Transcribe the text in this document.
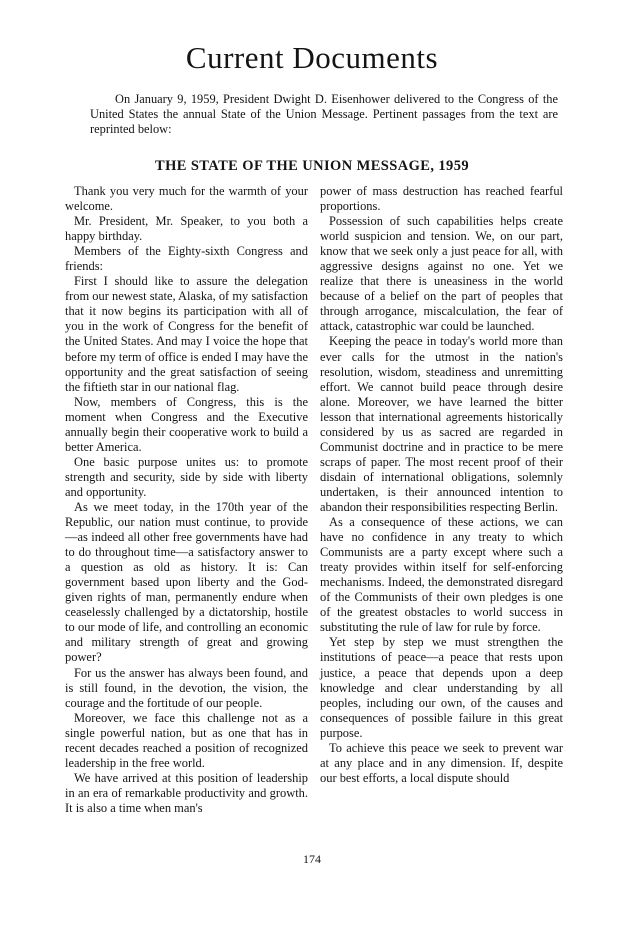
Current Documents

On January 9, 1959, President Dwight D. Eisenhower delivered to the Congress of the United States the annual State of the Union Message. Pertinent passages from the text are reprinted below:

THE STATE OF THE UNION MESSAGE, 1959

Thank you very much for the warmth of your welcome.

Mr. President, Mr. Speaker, to you both a happy birthday.

Members of the Eighty-sixth Congress and friends:

First I should like to assure the delegation from our newest state, Alaska, of my satisfaction that it now begins its participation with all of you in the work of Congress for the benefit of the United States. And may I voice the hope that before my term of office is ended I may have the opportunity and the great satisfaction of seeing the fiftieth star in our national flag.

Now, members of Congress, this is the moment when Congress and the Executive annually begin their cooperative work to build a better America.

One basic purpose unites us: to promote strength and security, side by side with liberty and opportunity.

As we meet today, in the 170th year of the Republic, our nation must continue, to provide—as indeed all other free governments have had to do throughout time—a satisfactory answer to a question as old as history. It is: Can government based upon liberty and the God-given rights of man, permanently endure when ceaselessly challenged by a dictatorship, hostile to our mode of life, and controlling an economic and military strength of great and growing power?

For us the answer has always been found, and is still found, in the devotion, the vision, the courage and the fortitude of our people.

Moreover, we face this challenge not as a single powerful nation, but as one that has in recent decades reached a position of recognized leadership in the free world.

We have arrived at this position of leadership in an era of remarkable productivity and growth. It is also a time when man's

power of mass destruction has reached fearful proportions.

Possession of such capabilities helps create world suspicion and tension. We, on our part, know that we seek only a just peace for all, with aggressive designs against no one. Yet we realize that there is uneasiness in the world because of a belief on the part of peoples that through arrogance, miscalculation, the fear of attack, catastrophic war could be launched.

Keeping the peace in today's world more than ever calls for the utmost in the nation's resolution, wisdom, steadiness and unremitting effort. We cannot build peace through desire alone. Moreover, we have learned the bitter lesson that international agreements historically considered by us as sacred are regarded in Communist doctrine and in practice to be mere scraps of paper. The most recent proof of their disdain of international obligations, solemnly undertaken, is their announced intention to abandon their responsibilities respecting Berlin.

As a consequence of these actions, we can have no confidence in any treaty to which Communists are a party except where such a treaty provides within itself for self-enforcing mechanisms. Indeed, the demonstrated disregard of the Communists of their own pledges is one of the greatest obstacles to world success in substituting the rule of law for rule by force.

Yet step by step we must strengthen the institutions of peace—a peace that rests upon justice, a peace that depends upon a deep knowledge and clear understanding by all peoples, including our own, of the causes and consequences of possible failure in this great purpose.

To achieve this peace we seek to prevent war at any place and in any dimension. If, despite our best efforts, a local dispute should

174
